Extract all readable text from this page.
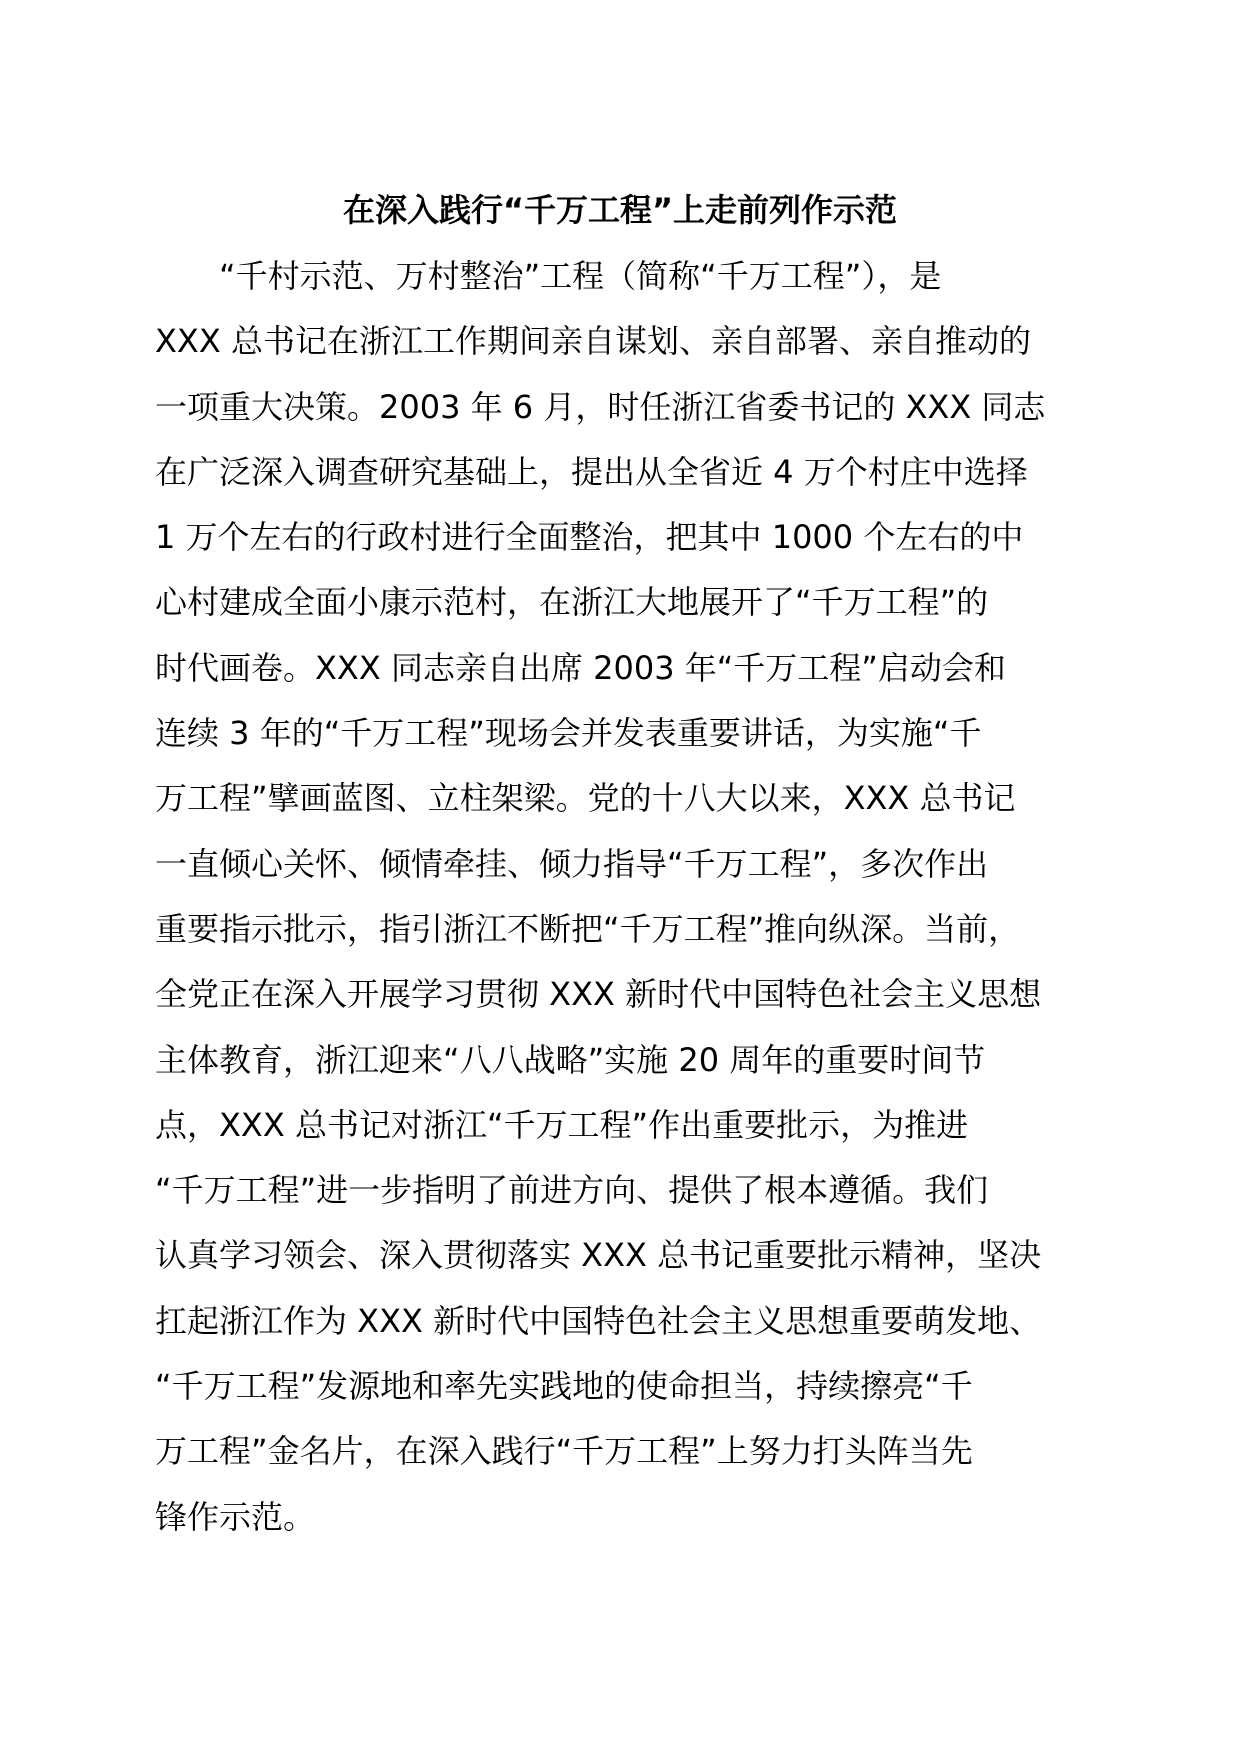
在深入践行“千万工程”上走前列作示范
“千村示范、万村整治”工程（简称“千万工程”），是
XXX 总书记在浙江工作期间亲自谋划、亲自部署、亲自推动的
一项重大决策。2003 年 6 月，时任浙江省委书记的 XXX 同志
在广泛深入调查研究基础上，提出从全省近 4 万个村庄中选择
1 万个左右的行政村进行全面整治，把其中 1000 个左右的中
心村建成全面小康示范村，在浙江大地展开了“千万工程”的
时代画卷。XXX 同志亲自出席 2003 年“千万工程”启动会和
连续 3 年的“千万工程”现场会并发表重要讲话，为实施“千
万工程”擘画蓝图、立柱架梁。党的十八大以来，XXX 总书记
一直倾心关怀、倾情牵挂、倾力指导“千万工程”，多次作出
重要指示批示，指引浙江不断把“千万工程”推向纵深。当前，
全党正在深入开展学习贯彻 XXX 新时代中国特色社会主义思想
主体教育，浙江迎来“八八战略”实施 20 周年的重要时间节
点，XXX 总书记对浙江“千万工程”作出重要批示，为推进
“千万工程”进一步指明了前进方向、提供了根本遵循。我们
认真学习领会、深入贯彻落实 XXX 总书记重要批示精神，坚决
扛起浙江作为 XXX 新时代中国特色社会主义思想重要萌发地、
“千万工程”发源地和率先实践地的使命担当，持续擦亮“千
万工程”金名片，在深入践行“千万工程”上努力打头阵当先
锋作示范。
